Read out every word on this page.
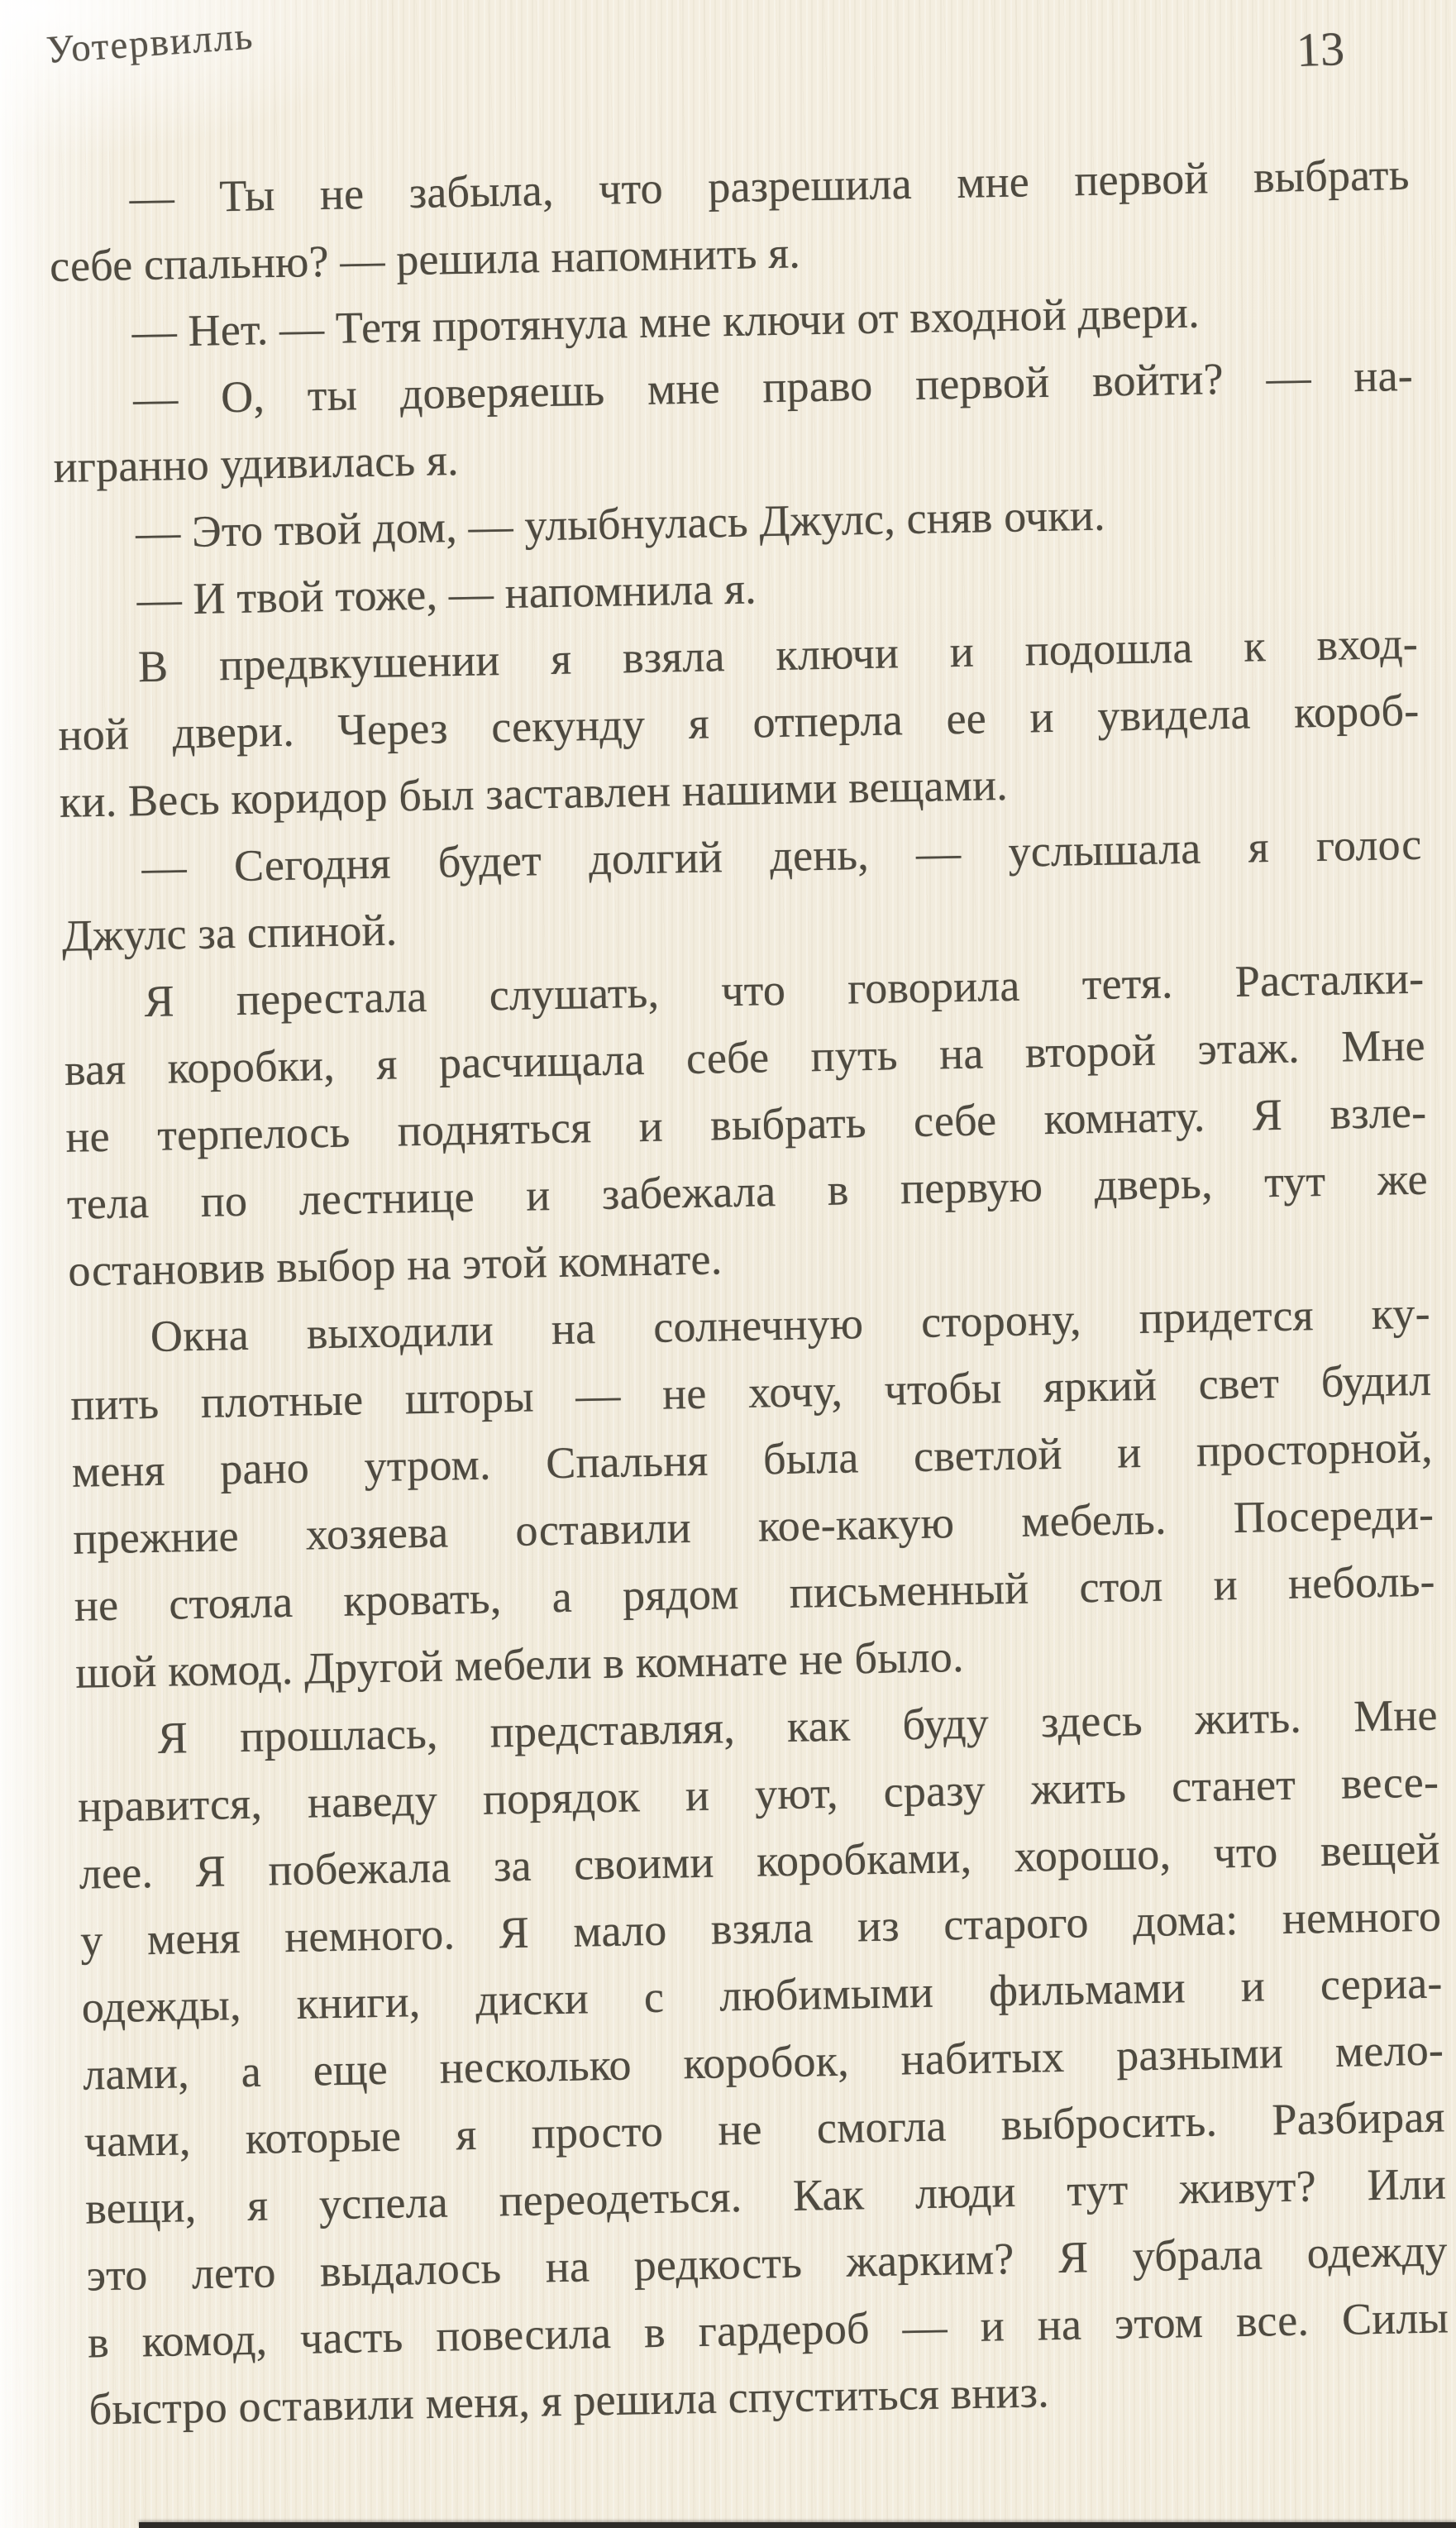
Уотервилль	13
— Ты не забыла, что разрешила мне первой выбрать
себе спальню? — решила напомнить я.
— Нет. — Тетя протянула мне ключи от входной двери.
— О, ты доверяешь мне право первой войти? — на-
игранно удивилась я.
— Это твой дом, — улыбнулась Джулс, сняв очки.
— И твой тоже, — напомнила я.
В предвкушении я взяла ключи и подошла к вход-
ной двери. Через секунду я отперла ее и увидела короб-
ки. Весь коридор был заставлен нашими вещами.
— Сегодня будет долгий день, — услышала я голос
Джулс за спиной.
Я перестала слушать, что говорила тетя. Расталки-
вая коробки, я расчищала себе путь на второй этаж. Мне
не терпелось подняться и выбрать себе комнату. Я взле-
тела по лестнице и забежала в первую дверь, тут же
остановив выбор на этой комнате.
Окна выходили на солнечную сторону, придется ку-
пить плотные шторы — не хочу, чтобы яркий свет будил
меня рано утром. Спальня была светлой и просторной,
прежние хозяева оставили кое-какую мебель. Посереди-
не стояла кровать, а рядом письменный стол и неболь-
шой комод. Другой мебели в комнате не было.
Я прошлась, представляя, как буду здесь жить. Мне
нравится, наведу порядок и уют, сразу жить станет весе-
лее. Я побежала за своими коробками, хорошо, что вещей
у меня немного. Я мало взяла из старого дома: немного
одежды, книги, диски с любимыми фильмами и сериа-
лами, а еще несколько коробок, набитых разными мело-
чами, которые я просто не смогла выбросить. Разбирая
вещи, я успела переодеться. Как люди тут живут? Или
это лето выдалось на редкость жарким? Я убрала одежду
в комод, часть повесила в гардероб — и на этом все. Силы
быстро оставили меня, я решила спуститься вниз.
